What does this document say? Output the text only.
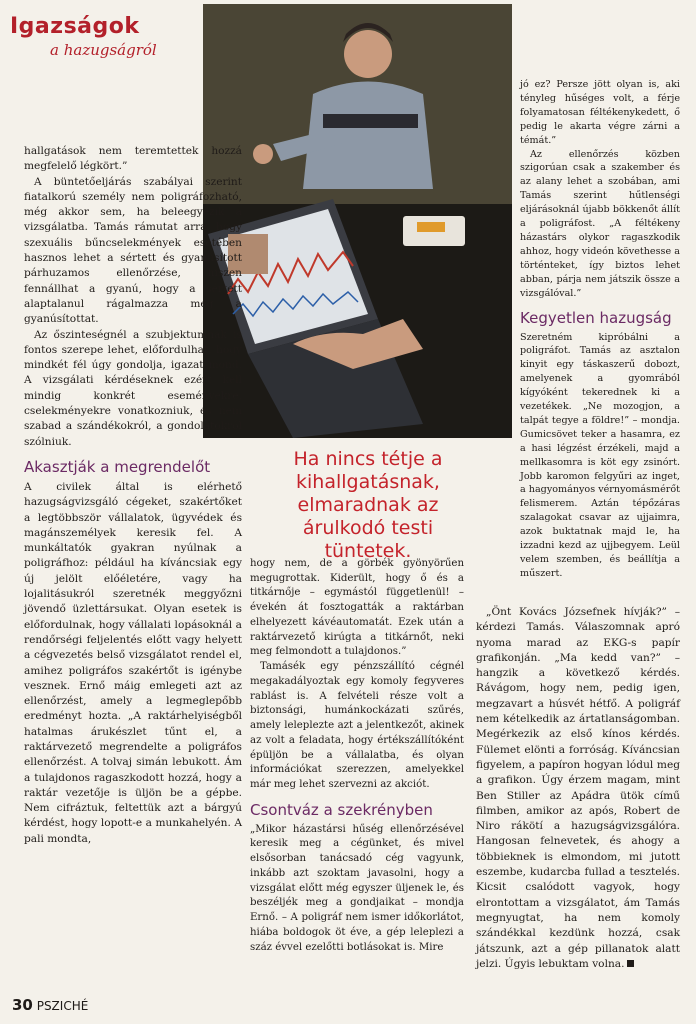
Igazságok
a hazugságról

hallgatások nem teremtettek hozzá megfelelő légkört.”

A büntetőeljárás szabályai szerint fiatalkorú személy nem poligráfozható, még akkor sem, ha beleegyezik a vizsgálatba. Tamás rámutat arra, hogy szexuális bűncselekmények esetében hasznos lehet a sértett és gyanúsított párhuzamos ellenőrzése, hiszen fennállhat a gyanú, hogy a sértett alaptalanul rágalmazza meg a gyanúsítottat.

Az őszinteségnél a szubjektumnak is fontos szerepe lehet, előfordulhat, hogy mindkét fél úgy gondolja, igazat mond. A vizsgálati kérdéseknek ezért kell mindig konkrét eseményekre, cselekményekre vonatkozniuk, és nem szabad a szándékokról, a gondolatokról szólniuk.

Akasztják a megrendelőt

A civilek által is elérhető hazugságvizsgáló cégeket, szakértőket a legtöbbször vállalatok, ügyvédek és magánszemélyek keresik fel. A munkáltatók gyakran nyúlnak a poligráfhoz: például ha kíváncsiak egy új jelölt előéletére, vagy ha lojalitásukról szeretnék meggyőzni jövendő üzlettársukat. Olyan esetek is előfordulnak, hogy vállalati lopásoknál a rendőrségi feljelentés előtt vagy helyett a cégvezetés belső vizsgálatot rendel el, amihez poligráfos szakértőt is igénybe vesznek. Ernő máig emlegeti azt az ellenőrzést, amely a legmeglepőbb eredményt hozta. „A raktárhelyiségből hatalmas árukészlet tűnt el, a raktárvezető megrendelte a poligráfos ellenőrzést. A tolvaj simán lebukott. Ám a tulajdonos ragaszkodott hozzá, hogy a raktár vezetője is üljön be a gépbe. Nem cifráztuk, feltettük azt a bárgyú kérdést, hogy lopott-e a munkahelyén. A pali mondta,

Ha nincs tétje a kihallgatásnak, elmaradnak az árulkodó testi tüntetek.

hogy nem, de a görbék gyönyörűen megugrottak. Kiderült, hogy ő és a titkárnője – egymástól függetlenül! – évekén át fosztogatták a raktárban elhelyezett kávéautomatát. Ezek után a raktárvezető kirúgta a titkárnőt, neki meg felmondott a tulajdonos.”

Tamásék egy pénzszállító cégnél megakadályoztak egy komoly fegyveres rablást is. A felvételi része volt a biztonsági, humánkockázati szűrés, amely leleplezte azt a jelentkezőt, akinek az volt a feladata, hogy értékszállítóként épüljön be a vállalatba, és olyan információkat szerezzen, amelyekkel már meg lehet szervezni az akciót.

Csontváz a szekrényben

„Mikor házastársi hűség ellenőrzésével keresik meg a cégünket, és mivel elsősorban tanácsadó cég vagyunk, inkább azt szoktam javasolni, hogy a vizsgálat előtt még egyszer üljenek le, és beszéljék meg a gondjaikat – mondja Ernő. – A poligráf nem ismer időkorlátot, hiába boldogok öt éve, a gép leleplezi a száz évvel ezelőtti botlásokat is. Mire

jó ez? Persze jött olyan is, aki tényleg hűséges volt, a férje folyamatosan féltékenykedett, ő pedig le akarta végre zárni a témát.”

Az ellenőrzés közben szigorúan csak a szakember és az alany lehet a szobában, ami Tamás szerint hűtlenségi eljárásoknál újabb bökkenőt állít a poligráfost. „A féltékeny házastárs olykor ragaszkodik ahhoz, hogy videón követhesse a történteket, így biztos lehet abban, párja nem játszik össze a vizsgálóval.”

Kegyetlen hazugság

Szeretném kipróbálni a poligráfot. Tamás az asztalon kinyit egy táskaszerű dobozt, amelyenek a gyomrából kígyóként tekerednek ki a vezetékek. „Ne mozogjon, a talpát tegye a földre!” – mondja. Gumicsövet teker a hasamra, ez a hasi légzést érzékeli, majd a mellkasomra is köt egy zsinórt. Jobb karomon felgyűri az inget, a hagyományos vérnyomásmérőt felismerem. Aztán tépőzáras szalagokat csavar az ujjaimra, azok buktatnak majd le, ha izzadni kezd az ujjbegyem. Leül velem szemben, és beállítja a műszert.

„Önt Kovács Józsefnek hívják?” – kérdezi Tamás. Válaszomnak apró nyoma marad az EKG-s papír grafikonján. „Ma kedd van?” – hangzik a következő kérdés. Rávágom, hogy nem, pedig igen, megzavart a húsvét hétfő. A poligráf nem kételkedik az ártatlanságomban. Megérkezik az első kínos kérdés. Fülemet elönti a forróság. Kíváncsian figyelem, a papíron hogyan lódul meg a grafikon. Úgy érzem magam, mint Ben Stiller az Apádra ütök című filmben, amikor az após, Robert de Niro rákötí a hazugságvizsgálóra. Hangosan felnevetek, és ahogy a többieknek is elmondom, mi jutott eszembe, kudarcba fullad a tesztelés. Kicsit csalódott vagyok, hogy elrontottam a vizsgálatot, ám Tamás megnyugtat, ha nem komoly szándékkal kezdünk hozzá, csak játszunk, azt a gép pillanatok alatt jelzi. Úgyis lebuktam volna.

30 PSZICHÉ
